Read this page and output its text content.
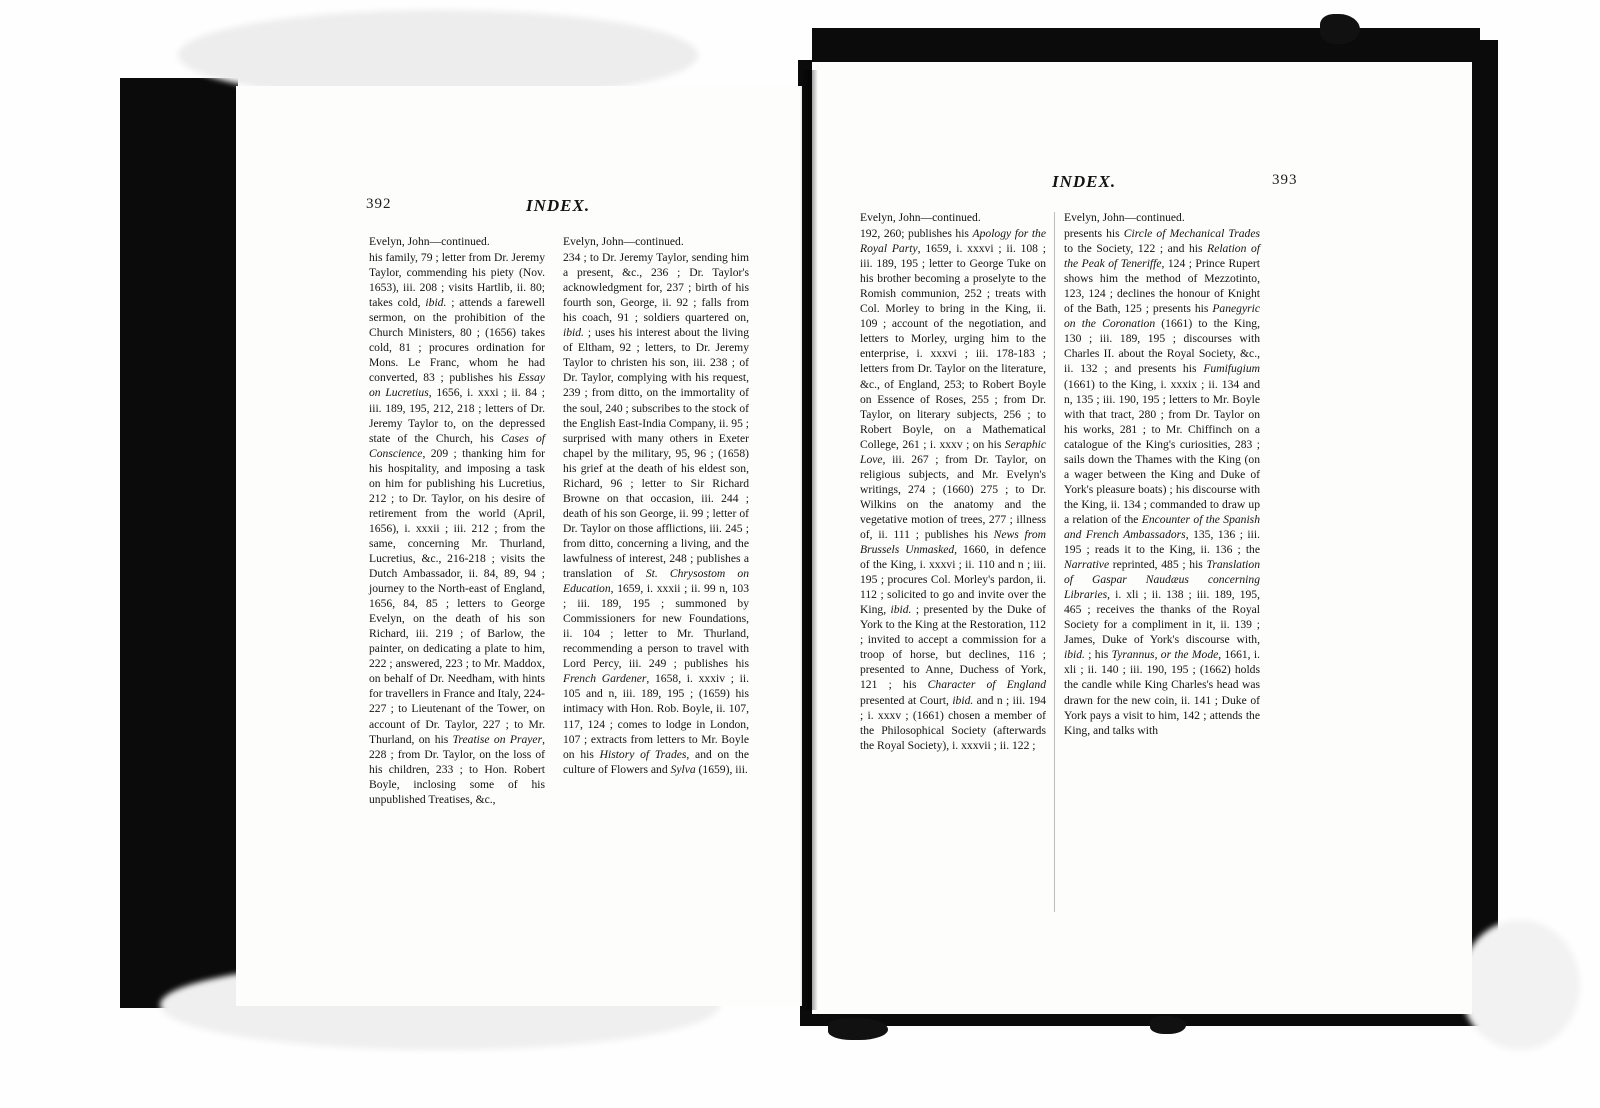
392	INDEX.
Evelyn, John—continued.
his family, 79 ; letter from Dr. Jeremy Taylor, commending his piety (Nov. 1653), iii. 208 ; visits Hartlib, ii. 80; takes cold, ibid. ; attends a farewell sermon, on the prohibition of the Church Ministers, 80 ; (1656) takes cold, 81 ; procures ordination for Mons. Le Franc, whom he had converted, 83 ; publishes his Essay on Lucretius, 1656, i. xxxi ; ii. 84 ; iii. 189, 195, 212, 218 ; letters of Dr. Jeremy Taylor to, on the depressed state of the Church, his Cases of Conscience, 209 ; thanking him for his hospitality, and imposing a task on him for publishing his Lucretius, 212 ; to Dr. Taylor, on his desire of retirement from the world (April, 1656), i. xxxii ; iii. 212 ; from the same, concerning Mr. Thurland, Lucretius, &c., 216-218 ; visits the Dutch Ambassador, ii. 84, 89, 94 ; journey to the North-east of England, 1656, 84, 85 ; letters to George Evelyn, on the death of his son Richard, iii. 219 ; of Barlow, the painter, on dedicating a plate to him, 222 ; answered, 223 ; to Mr. Maddox, on behalf of Dr. Needham, with hints for travellers in France and Italy, 224-227 ; to Lieutenant of the Tower, on account of Dr. Taylor, 227 ; to Mr. Thurland, on his Treatise on Prayer, 228 ; from Dr. Taylor, on the loss of his children, 233 ; to Hon. Robert Boyle, inclosing some of his unpublished Treatises, &c.,
Evelyn, John—continued.
234 ; to Dr. Jeremy Taylor, sending him a present, &c., 236 ; Dr. Taylor's acknowledgment for, 237 ; birth of his fourth son, George, ii. 92 ; falls from his coach, 91 ; soldiers quartered on, ibid. ; uses his interest about the living of Eltham, 92 ; letters, to Dr. Jeremy Taylor to christen his son, iii. 238 ; of Dr. Taylor, complying with his request, 239 ; from ditto, on the immortality of the soul, 240 ; subscribes to the stock of the English East-India Company, ii. 95 ; surprised with many others in Exeter chapel by the military, 95, 96 ; (1658) his grief at the death of his eldest son, Richard, 96 ; letter to Sir Richard Browne on that occasion, iii. 244 ; death of his son George, ii. 99 ; letter of Dr. Taylor on those afflictions, iii. 245 ; from ditto, concerning a living, and the lawfulness of interest, 248 ; publishes a translation of St. Chrysostom on Education, 1659, i. xxxii ; ii. 99 n, 103 ; iii. 189, 195 ; summoned by Commissioners for new Foundations, ii. 104 ; letter to Mr. Thurland, recommending a person to travel with Lord Percy, iii. 249 ; publishes his French Gardener, 1658, i. xxxiv ; ii. 105 and n, iii. 189, 195 ; (1659) his intimacy with Hon. Rob. Boyle, ii. 107, 117, 124 ; comes to lodge in London, 107 ; extracts from letters to Mr. Boyle on his History of Trades, and on the culture of Flowers and Sylva (1659), iii.
INDEX.	393
Evelyn, John—continued.
192, 260; publishes his Apology for the Royal Party, 1659, i. xxxvi ; ii. 108 ; iii. 189, 195 ; letter to George Tuke on his brother becoming a proselyte to the Romish communion, 252 ; treats with Col. Morley to bring in the King, ii. 109 ; account of the negotiation, and letters to Morley, urging him to the enterprise, i. xxxvi ; iii. 178-183 ; letters from Dr. Taylor on the literature, &c., of England, 253; to Robert Boyle on Essence of Roses, 255 ; from Dr. Taylor, on literary subjects, 256 ; to Robert Boyle, on a Mathematical College, 261 ; i. xxxv ; on his Seraphic Love, iii. 267 ; from Dr. Taylor, on religious subjects, and Mr. Evelyn's writings, 274 ; (1660) 275 ; to Dr. Wilkins on the anatomy and the vegetative motion of trees, 277 ; illness of, ii. 111 ; publishes his News from Brussels Unmasked, 1660, in defence of the King, i. xxxvi ; ii. 110 and n ; iii. 195 ; procures Col. Morley's pardon, ii. 112 ; solicited to go and invite over the King, ibid. ; presented by the Duke of York to the King at the Restoration, 112 ; invited to accept a commission for a troop of horse, but declines, 116 ; presented to Anne, Duchess of York, 121 ; his Character of England presented at Court, ibid. and n ; iii. 194 ; i. xxxv ; (1661) chosen a member of the Philosophical Society (afterwards the Royal Society), i. xxxvii ; ii. 122 ;
Evelyn, John—continued.
presents his Circle of Mechanical Trades to the Society, 122 ; and his Relation of the Peak of Teneriffe, 124 ; Prince Rupert shows him the method of Mezzotinto, 123, 124 ; declines the honour of Knight of the Bath, 125 ; presents his Panegyric on the Coronation (1661) to the King, 130 ; iii. 189, 195 ; discourses with Charles II. about the Royal Society, &c., ii. 132 ; and presents his Fumifugium (1661) to the King, i. xxxix ; ii. 134 and n, 135 ; iii. 190, 195 ; letters to Mr. Boyle with that tract, 280 ; from Dr. Taylor on his works, 281 ; to Mr. Chiffinch on a catalogue of the King's curiosities, 283 ; sails down the Thames with the King (on a wager between the King and Duke of York's pleasure boats) ; his discourse with the King, ii. 134 ; commanded to draw up a relation of the Encounter of the Spanish and French Ambassadors, 135, 136 ; iii. 195 ; reads it to the King, ii. 136 ; the Narrative reprinted, 485 ; his Translation of Gaspar Naudæus concerning Libraries, i. xli ; ii. 138 ; iii. 189, 195, 465 ; receives the thanks of the Royal Society for a compliment in it, ii. 139 ; James, Duke of York's discourse with, ibid. ; his Tyrannus, or the Mode, 1661, i. xli ; ii. 140 ; iii. 190, 195 ; (1662) holds the candle while King Charles's head was drawn for the new coin, ii. 141 ; Duke of York pays a visit to him, 142 ; attends the King, and talks with
